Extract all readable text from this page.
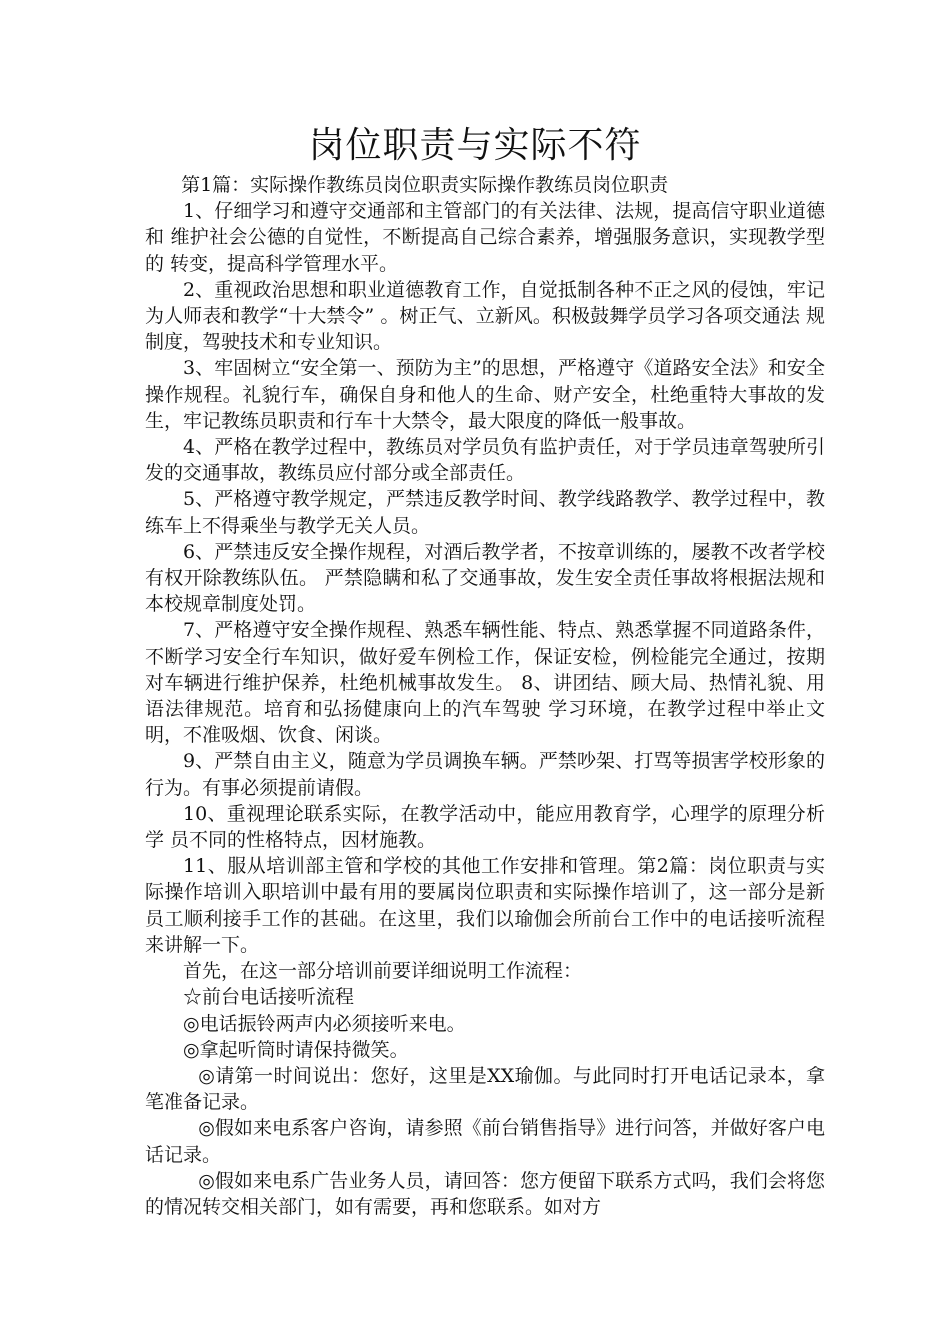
岗位职责与实际不符

第1篇：实际操作教练员岗位职责实际操作教练员岗位职责

1、仔细学习和遵守交通部和主管部门的有关法律、法规，提高信守职业道德和 维护社会公德的自觉性，不断提高自己综合素养，增强服务意识，实现教学型的 转变，提高科学管理水平。

2、重视政治思想和职业道德教育工作，自觉抵制各种不正之风的侵蚀，牢记 为人师表和教学“十大禁令” 。树正气、立新风。积极鼓舞学员学习各项交通法 规制度，驾驶技术和专业知识。

3、牢固树立“安全第一、预防为主”的思想，严格遵守《道路安全法》和安全 操作规程。礼貌行车，确保自身和他人的生命、财产安全，杜绝重特大事故的发 生，牢记教练员职责和行车十大禁令，最大限度的降低一般事故。

4、严格在教学过程中，教练员对学员负有监护责任，对于学员违章驾驶所引 发的交通事故，教练员应付部分或全部责任。

5、严格遵守教学规定，严禁违反教学时间、教学线路教学、教学过程中，教 练车上不得乘坐与教学无关人员。

6、严禁违反安全操作规程，对酒后教学者，不按章训练的，屡教不改者学校 有权开除教练队伍。 严禁隐瞒和私了交通事故，发生安全责任事故将根据法规和 本校规章制度处罚。

7、严格遵守安全操作规程、熟悉车辆性能、特点、熟悉掌握不同道路条件， 不断学习安全行车知识，做好爱车例检工作，保证安检，例检能完全通过，按期 对车辆进行维护保养，杜绝机械事故发生。 8、讲团结、顾大局、热情礼貌、用语法律规范。培育和弘扬健康向上的汽车驾驶 学习环境，在教学过程中举止文明，不准吸烟、饮食、闲谈。

9、严禁自由主义，随意为学员调换车辆。严禁吵架、打骂等损害学校形象的 行为。有事必须提前请假。

10、重视理论联系实际，在教学活动中，能应用教育学，心理学的原理分析学 员不同的性格特点，因材施教。

11、服从培训部主管和学校的其他工作安排和管理。第2篇：岗位职责与实际操作培训入职培训中最有用的要属岗位职责和实际操作培训了，这一部分是新员工顺利接手工作的甚础。在这里，我们以瑜伽会所前台工作中的电话接听流程来讲解一下。

首先，在这一部分培训前要详细说明工作流程：

☆前台电话接听流程

◎电话振铃两声内必须接听来电。

◎拿起听筒时请保持微笑。

◎请第一时间说出：您好，这里是XX瑜伽。与此同时打开电话记录本，拿笔准备记录。

◎假如来电系客户咨询，请参照《前台销售指导》进行问答，并做好客户电话记录。

◎假如来电系广告业务人员，请回答：您方便留下联系方式吗，我们会将您的情况转交相关部门，如有需要，再和您联系。如对方
